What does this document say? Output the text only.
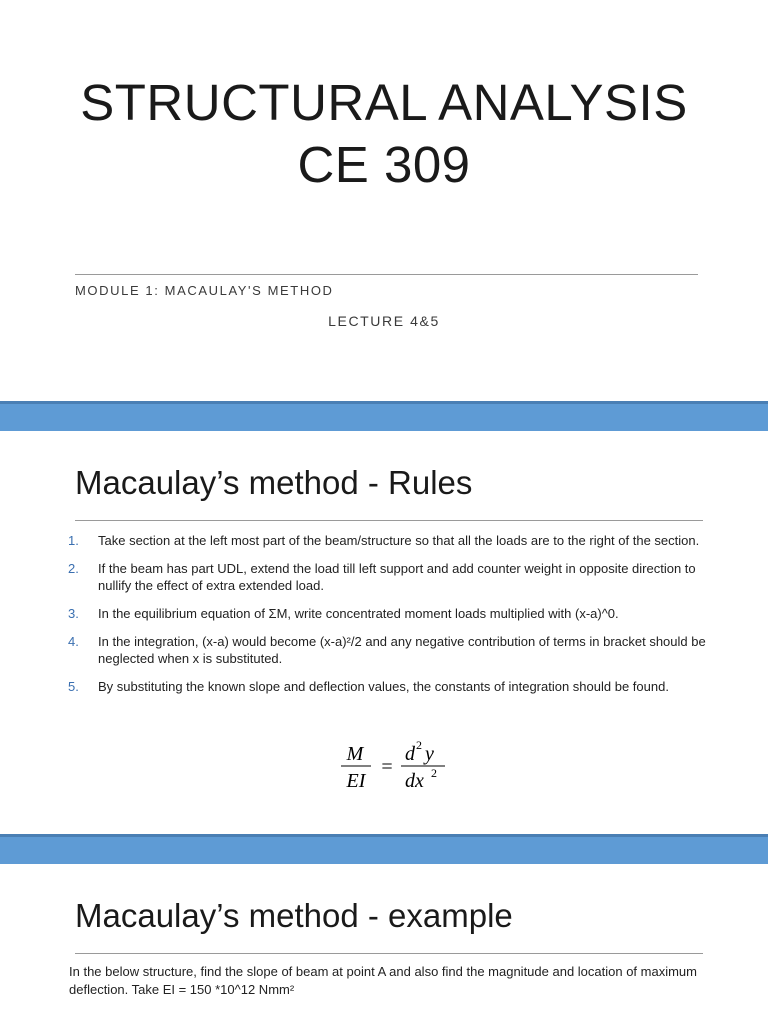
STRUCTURAL ANALYSIS
CE 309
MODULE 1: MACAULAY'S METHOD
LECTURE 4&5
Macaulay’s method - Rules
1.	Take section at the left most part of the beam/structure so that all the loads are to the right of the section.
2.	If the beam has part UDL, extend the load till left support and add counter weight in opposite direction to nullify the effect of extra extended load.
3.	In the equilibrium equation of ΣM, write concentrated moment loads multiplied with (x-a)^0.
4.	In the integration, (x-a) would become (x-a)²/2 and any negative contribution of terms in bracket should be neglected when x is substituted.
5.	By substituting the known slope and deflection values, the constants of integration should be found.
M
EI
=
d 2 y
dx 2
Macaulay’s method - example

In the below structure, find the slope of beam at point A and also find the magnitude and location of maximum deflection. Take EI = 150 *10^12 Nmm²
